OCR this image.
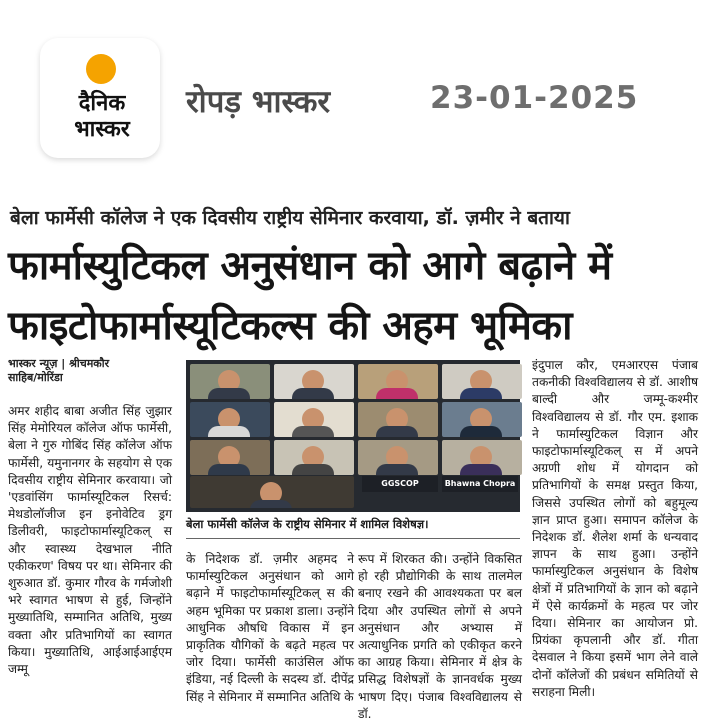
दैनिक
भास्कर
रोपड़ भास्कर	23-01-2025
बेला फार्मेसी कॉलेज ने एक दिवसीय राष्ट्रीय सेमिनार करवाया, डॉ. ज़मीर ने बताया
फार्मास्युटिकल अनुसंधान को आगे बढ़ाने में
फाइटोफार्मास्यूटिकल्स की अहम भूमिका
भास्कर न्यूज़ | श्रीचमकौर
साहिब/मोरिंडा

अमर शहीद बाबा अजीत सिंह जुझार सिंह मेमोरियल कॉलेज ऑफ फार्मेसी, बेला ने गुरु गोबिंद सिंह कॉलेज ऑफ फार्मेसी, यमुनानगर के सहयोग से एक दिवसीय राष्ट्रीय सेमिनार करवाया। जो 'एडवांसिंग फार्मास्यूटिकल रिसर्च: मेथडोलॉजीज इन इनोवेटिव ड्रग डिलीवरी, फाइटोफार्मास्यूटिकल् स और स्वास्थ्य देखभाल नीति एकीकरण' विषय पर था। सेमिनार की शुरुआत डॉ. कुमार गौरव के गर्मजोशी भरे स्वागत भाषण से हुई, जिन्होंने मुख्यातिथि, सम्मानित अतिथि, मुख्य वक्ता और प्रतिभागियों का स्वागत किया। मुख्यातिथि, आईआईआईएम जम्मू

GGSCOP	Bhawna Chopra
बेला फार्मेसी कॉलेज के राष्ट्रीय सेमिनार में शामिल विशेषज्ञ।

के निदेशक डॉ. ज़मीर अहमद ने फार्मास्युटिकल अनुसंधान को आगे बढ़ाने में फाइटोफार्मास्यूटिकल् स की अहम भूमिका पर प्रकाश डाला। उन्होंने आधुनिक औषधि विकास में इन प्राकृतिक यौगिकों के बढ़ते महत्व पर जोर दिया। फार्मेसी काउंसिल ऑफ इंडिया, नई दिल्ली के सदस्य डॉ. दीपेंद्र सिंह ने सेमिनार में सम्मानित अतिथि के

रूप में शिरकत की। उन्होंने विकसित हो रही प्रौद्योगिकी के साथ तालमेल बनाए रखने की आवश्यकता पर बल दिया और उपस्थित लोगों से अपने अनुसंधान और अभ्यास में अत्याधुनिक प्रगति को एकीकृत करने का आग्रह किया। सेमिनार में क्षेत्र के प्रसिद्ध विशेषज्ञों के ज्ञानवर्धक मुख्य भाषण दिए। पंजाब विश्वविद्यालय से डॉ.

इंदुपाल कौर, एमआरएस पंजाब तकनीकी विश्वविद्यालय से डॉ. आशीष बाल्दी और जम्मू-कश्मीर विश्वविद्यालय से डॉ. गौर एम. इशाक ने फार्मास्युटिकल विज्ञान और फाइटोफार्मास्यूटिकल् स में अपने अग्रणी शोध में योगदान को प्रतिभागियों के समक्ष प्रस्तुत किया, जिससे उपस्थित लोगों को बहुमूल्य ज्ञान प्राप्त हुआ। समापन कॉलेज के निदेशक डॉ. शैलेश शर्मा के धन्यवाद ज्ञापन के साथ हुआ। उन्होंने फार्मास्युटिकल अनुसंधान के विशेष क्षेत्रों में प्रतिभागियों के ज्ञान को बढ़ाने में ऐसे कार्यक्रमों के महत्व पर जोर दिया। सेमिनार का आयोजन प्रो. प्रियंका कृपलानी और डॉ. गीता देसवाल ने किया इसमें भाग लेने वाले दोनों कॉलेजों की प्रबंधन समितियों से सराहना मिली।
